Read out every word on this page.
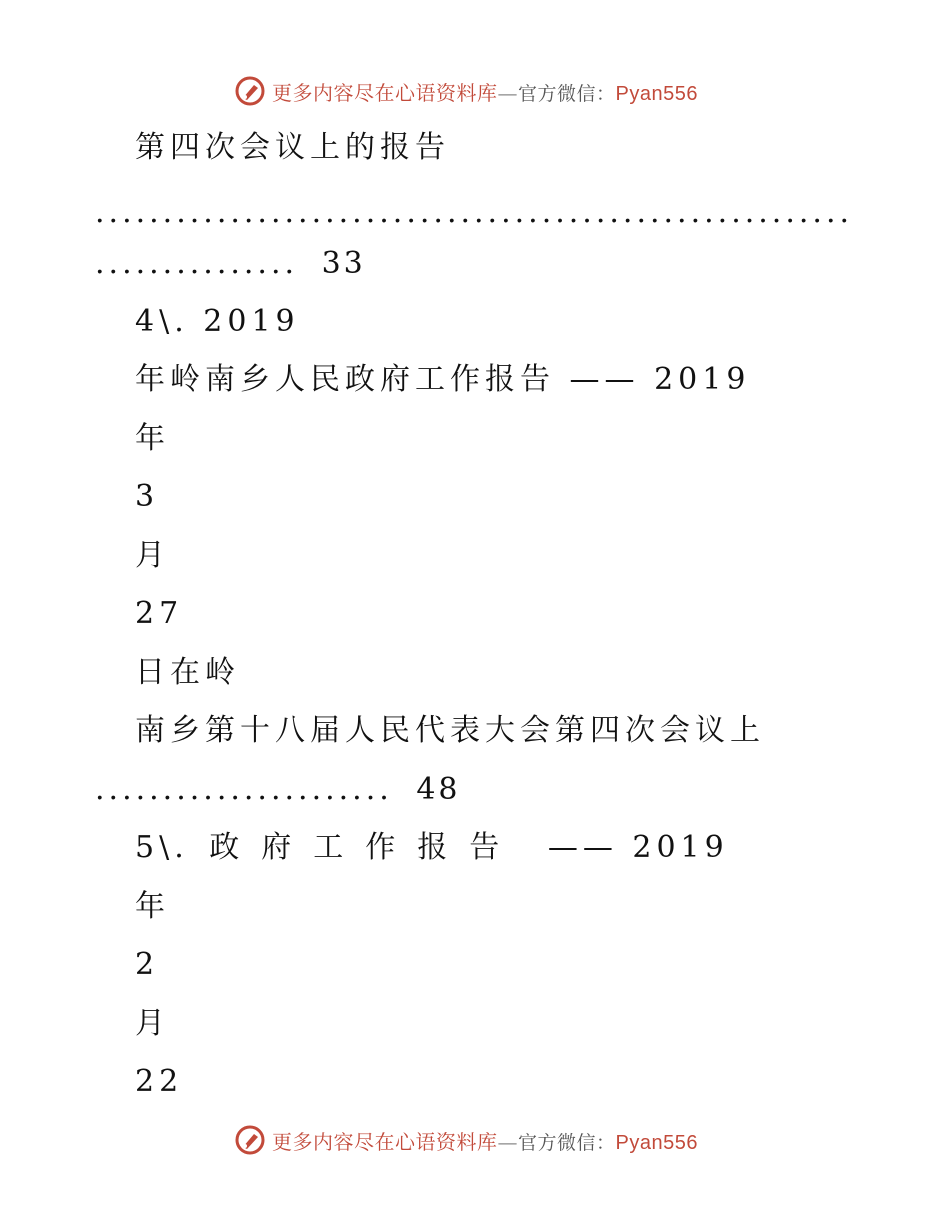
更多内容尽在心语资料库—官方微信：Pyan556
第四次会议上的报告
........................................................
............... 33
4\. 2019
年岭南乡人民政府工作报告 —— 2019
年
3
月
27
日在岭
南乡第十八届人民代表大会第四次会议上
...................... 48
5\. 政府工作报告 —— 2019
年
2
月
22
更多内容尽在心语资料库—官方微信：Pyan556
